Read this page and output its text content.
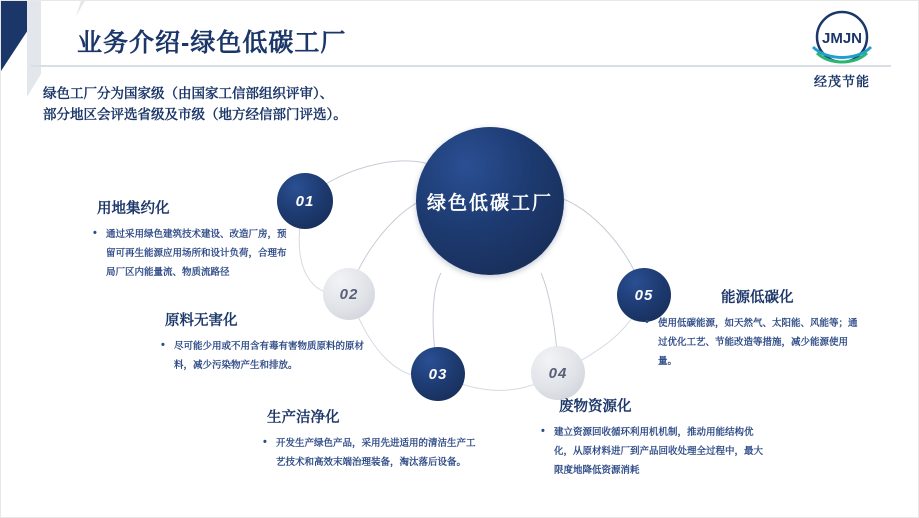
业务介绍-绿色低碳工厂	JMJN
经茂节能
绿色工厂分为国家级（由国家工信部组织评审）、
部分地区会评选省级及市级（地方经信部门评选）。
绿色低碳工厂
01
02
03	04
05
用地集约化
• 通过采用绿色建筑技术建设、改造厂房，预留可再生能源应用场所和设计负荷，合理布局厂区内能量流、物质流路径
原料无害化
• 尽可能少用或不用含有毒有害物质原料的原材料，减少污染物产生和排放。
生产洁净化
• 开发生产绿色产品，采用先进适用的清洁生产工艺技术和高效末端治理装备，淘汰落后设备。
废物资源化
• 建立资源回收循环利用机机制，推动用能结构优化，从原材料进厂到产品回收处理全过程中，最大限度地降低资源消耗
能源低碳化
• 使用低碳能源，如天然气、太阳能、风能等；通过优化工艺、节能改造等措施，减少能源使用量。
